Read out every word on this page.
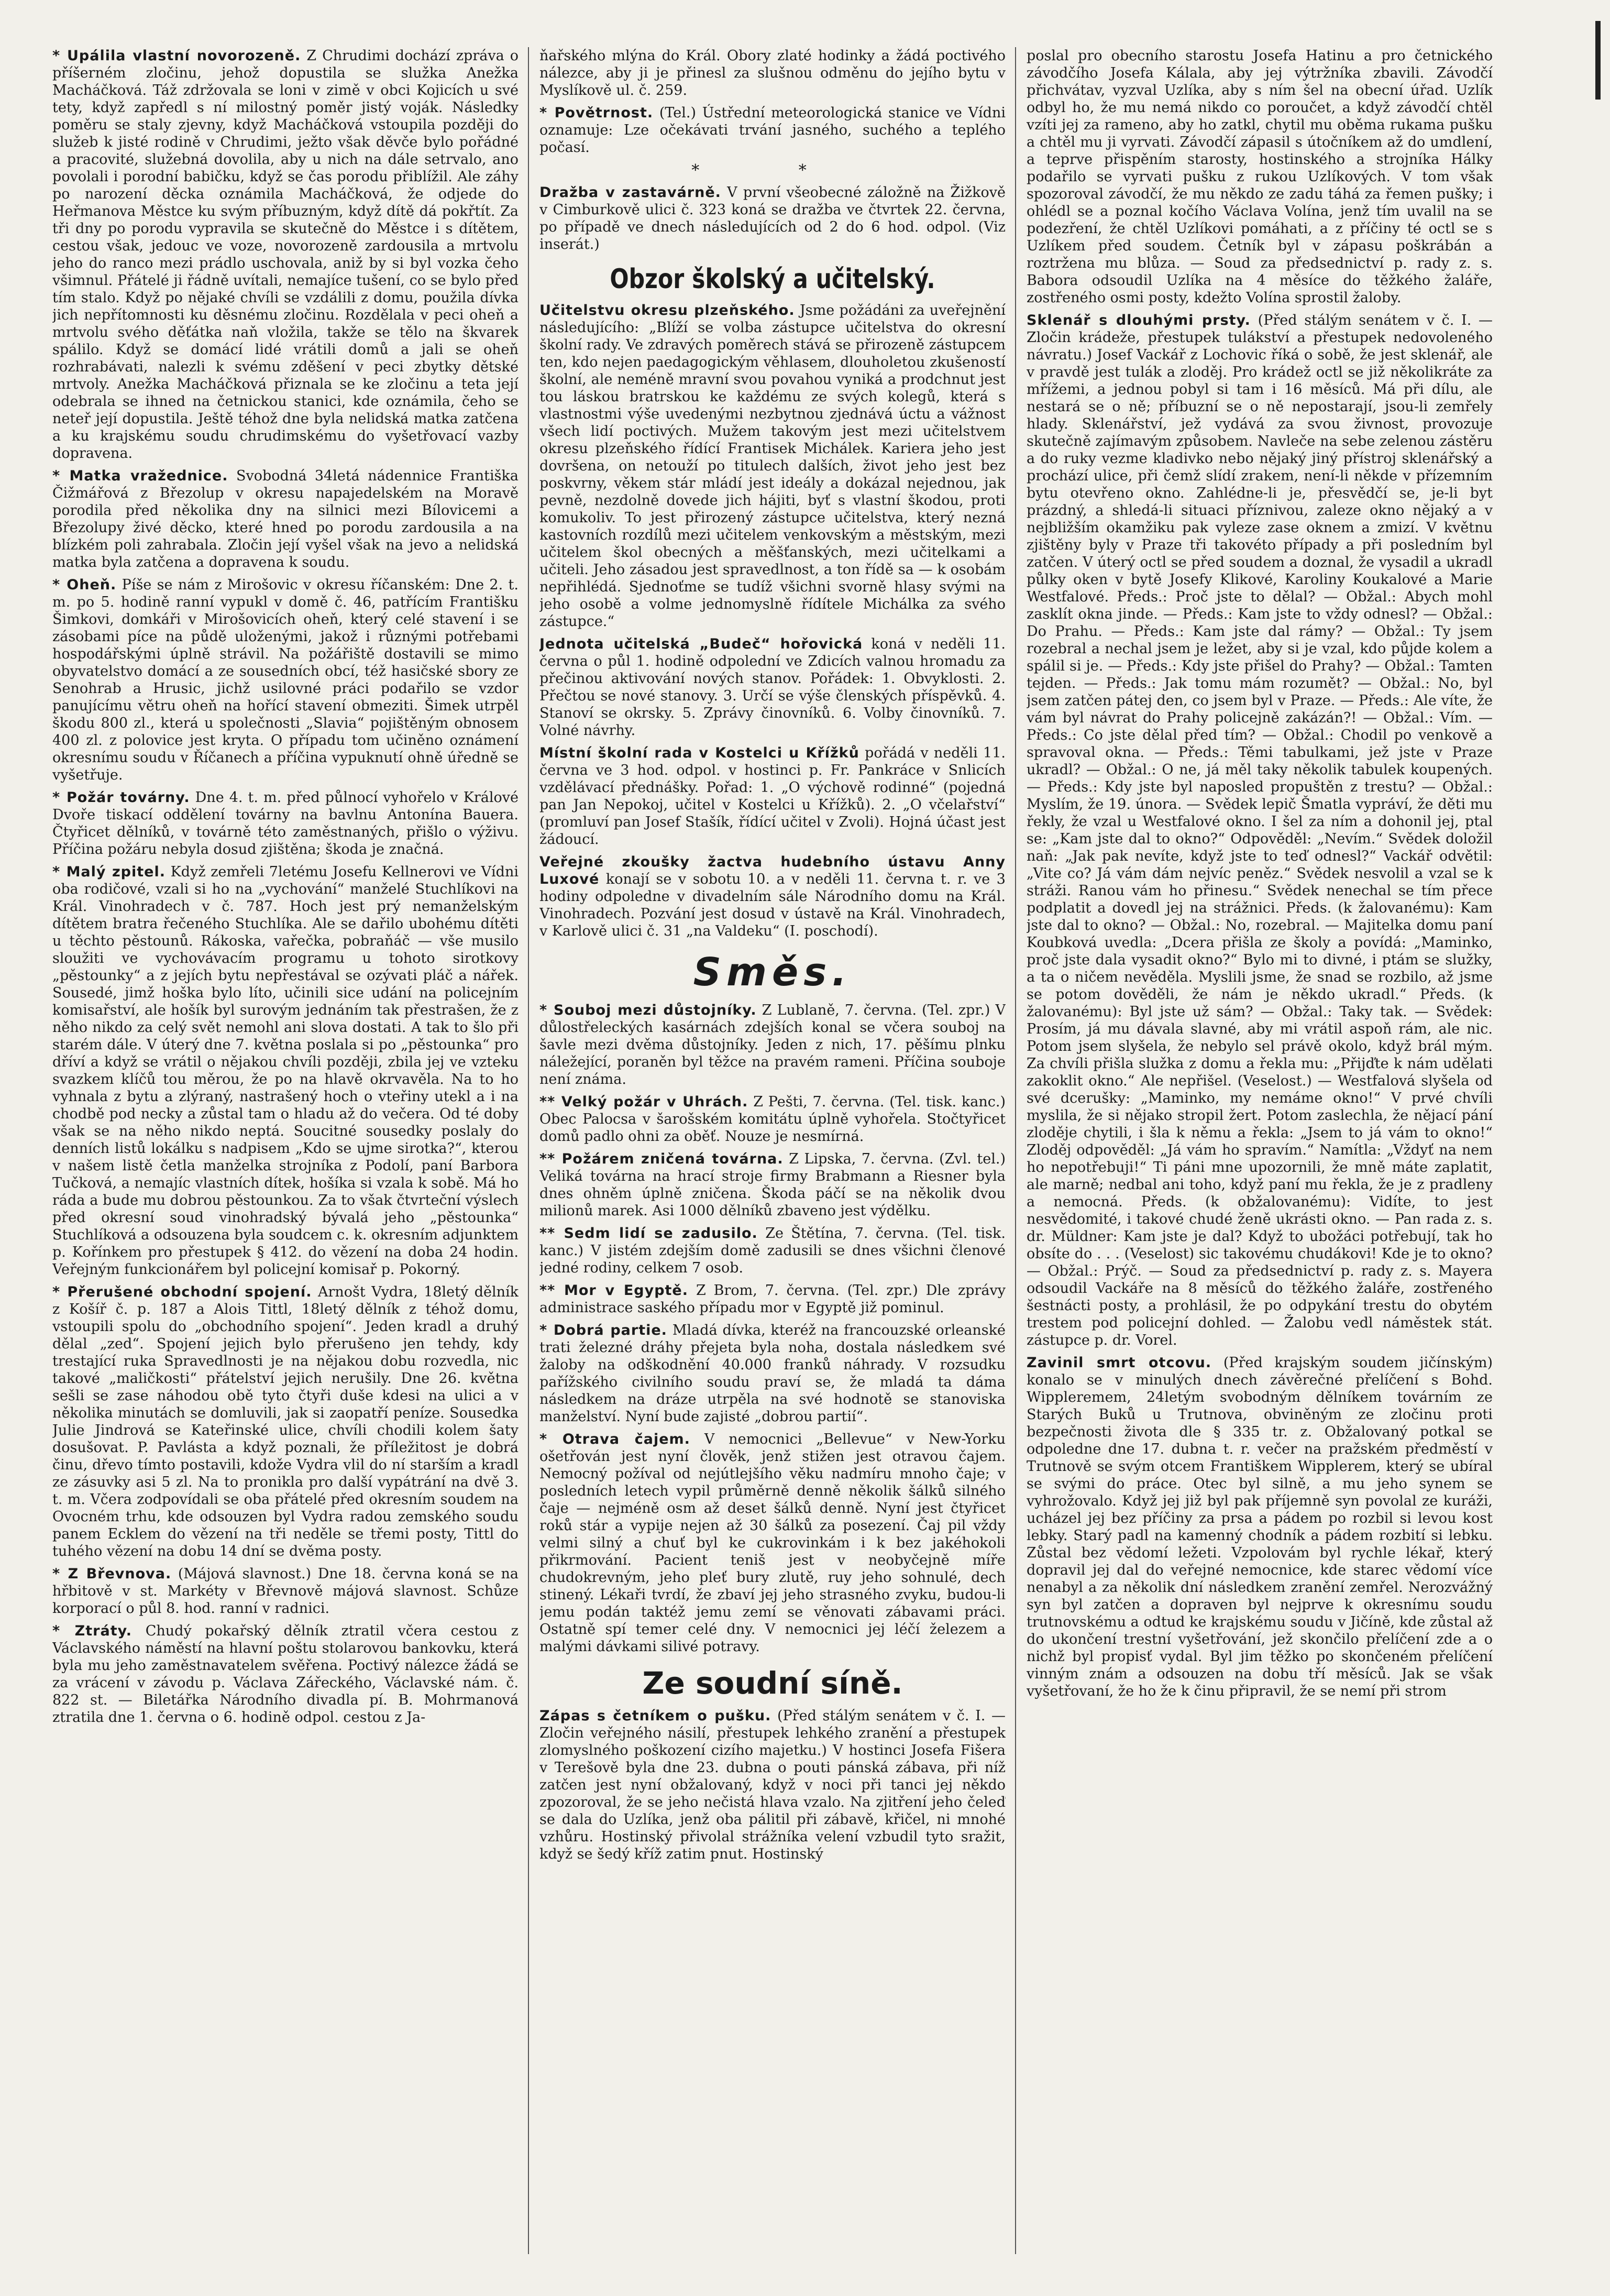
* Upálila vlastní novorozeně. Z Chrudimi dochází zpráva o příšerném zločinu, jehož dopustila se služka Anežka Macháčková. Táž zdržovala se loni v zimě v obci Kojicích u své tety, když zapředl s ní milostný poměr jistý voják. Následky poměru se staly zjevny, když Macháčková vstoupila později do služeb k jisté rodině v Chrudimi, ježto však děvče bylo pořádné a pracovité, služebná dovolila, aby u nich na dále setrvalo, ano povolali i porodní babičku, když se čas porodu přiblížil. Ale záhy po narození děcka oznámila Macháčková, že odjede do Heřmanova Městce ku svým příbuzným, když dítě dá pokřtít. Za tři dny po porodu vypravila se skutečně do Městce i s dítětem, cestou však, jedouc ve voze, novorozeně zardousila a mrtvolu jeho do ranco mezi prádlo uschovala, aniž by si byl vozka čeho všimnul. Přátelé ji řádně uvítali, nemajíce tušení, co se bylo před tím stalo. Když po nějaké chvíli se vzdálili z domu, použila dívka jich nepřítomnosti ku děsnému zločinu. Rozdělala v peci oheň a mrtvolu svého děťátka naň vložila, takže se tělo na škvarek spálilo. Když se domácí lidé vrátili domů a jali se oheň rozhrabávati, nalezli k svému zděšení v peci zbytky dětské mrtvoly. Anežka Macháčková přiznala se ke zločinu a teta její odebrala se ihned na četnickou stanici, kde oznámila, čeho se neteř její dopustila. Ještě téhož dne byla nelidská matka zatčena a ku krajskému soudu chrudimskému do vyšetřovací vazby dopravena.

* Matka vražednice. Svobodná 34letá nádennice Františka Čižmářová z Březolup v okresu napajedelském na Moravě porodila před několika dny na silnici mezi Bílovicemi a Březolupy živé děcko, které hned po porodu zardousila a na blízkém poli zahrabala. Zločin její vyšel však na jevo a nelidská matka byla zatčena a dopravena k soudu.

* Oheň. Píše se nám z Mirošovic v okresu říčanském: Dne 2. t. m. po 5. hodině ranní vypukl v domě č. 46, patřícím Františku Šimkovi, domkáři v Mirošovicích oheň, který celé stavení i se zásobami píce na půdě uloženými, jakož i různými potřebami hospodářskými úplně strávil. Na požářiště dostavili se mimo obyvatelstvo domácí a ze sousedních obcí, též hasičské sbory ze Senohrab a Hrusic, jichž usilovné práci podařilo se vzdor panujícímu větru oheň na hořící stavení obmeziti. Šimek utrpěl škodu 800 zl., která u společnosti „Slavia“ pojištěným obnosem 400 zl. z polovice jest kryta. O případu tom učiněno oznámení okresnímu soudu v Říčanech a příčina vypuknutí ohně úředně se vyšetřuje.

* Požár továrny. Dne 4. t. m. před půlnocí vyhořelo v Králové Dvoře tiskací oddělení továrny na bavlnu Antonína Bauera. Čtyřicet dělníků, v továrně této zaměstnaných, přišlo o výživu. Příčina požáru nebyla dosud zjištěna; škoda je značná.

* Malý zpitel. Když zemřeli 7letému Josefu Kellnerovi ve Vídni oba rodičové, vzali si ho na „vychování“ manželé Stuchlíkovi na Král. Vinohradech v č. 787. Hoch jest prý nemanželským dítětem bratra řečeného Stuchlíka. Ale se dařilo ubohému dítěti u těchto pěstounů. Rákoska, vařečka, pobraňáč — vše musilo sloužiti ve vychovávacím programu u tohoto sirotkovy „pěstounky“ a z jejích bytu nepřestával se ozývati pláč a nářek. Sousedé, jimž hoška bylo líto, učinili sice udání na policejním komisařství, ale hošík byl surovým jednáním tak přestrašen, že z něho nikdo za celý svět nemohl ani slova dostati. A tak to šlo při starém dále. V úterý dne 7. května poslala si po „pěstounka“ pro dříví a když se vrátil o nějakou chvíli později, zbila jej ve vzteku svazkem klíčů tou měrou, že po na hlavě okrvavěla. Na to ho vyhnala z bytu a zlýraný, nastrašený hoch o vteřiny utekl a i na chodbě pod necky a zůstal tam o hladu až do večera. Od té doby však se na něho nikdo neptá. Soucitné sousedky poslaly do denních listů lokálku s nadpisem „Kdo se ujme sirotka?“, kterou v našem listě četla manželka strojníka z Podolí, paní Barbora Tučková, a nemajíc vlastních dítek, hošíka si vzala k sobě. Má ho ráda a bude mu dobrou pěstounkou. Za to však čtvrteční výslech před okresní soud vinohradský bývalá jeho „pěstounka“ Stuchlíková a odsouzena byla soudcem c. k. okresním adjunktem p. Kořínkem pro přestupek § 412. do vězení na doba 24 hodin. Veřejným funkcionářem byl policejní komisař p. Pokorný.

* Přerušené obchodní spojení. Arnošt Vydra, 18letý dělník z Košíř č. p. 187 a Alois Tittl, 18letý dělník z téhož domu, vstoupili spolu do „obchodního spojení“. Jeden kradl a druhý dělal „zed“. Spojení jejich bylo přerušeno jen tehdy, kdy trestající ruka Spravedlnosti je na nějakou dobu rozvedla, nic takové „maličkosti“ přátelství jejich nerušily. Dne 26. května sešli se zase náhodou obě tyto čtyři duše kdesi na ulici a v několika minutách se domluvili, jak si zaopatří peníze. Sousedka Julie Jindrová se Kateřinské ulice, chvíli chodili kolem šaty dosušovat. P. Pavlásta a když poznali, že příležitost je dobrá činu, dřevo tímto postavili, kdože Vydra vlil do ní starším a kradl ze zásuvky asi 5 zl. Na to pronikla pro další vypátrání na dvě 3. t. m. Včera zodpovídali se oba přátelé před okresním soudem na Ovocném trhu, kde odsouzen byl Vydra radou zemského soudu panem Ecklem do vězení na tři neděle se třemi posty, Tittl do tuhého vězení na dobu 14 dní se dvěma posty.

* Z Břevnova. (Májová slavnost.) Dne 18. června koná se na hřbitově v st. Markéty v Břevnově májová slavnost. Schůze korporací o půl 8. hod. ranní v radnici.

* Ztráty. Chudý pokařský dělník ztratil včera cestou z Václavského náměstí na hlavní poštu stolarovou bankovku, která byla mu jeho zaměstnavatelem svěřena. Poctivý nálezce žádá se za vrácení v závodu p. Václava Zářeckého, Václavské nám. č. 822 st. — Biletářka Národního divadla pí. B. Mohrmanová ztratila dne 1. června o 6. hodině odpol. cestou z Ja-

ňařského mlýna do Král. Obory zlaté hodinky a žádá poctivého nálezce, aby ji je přinesl za slušnou odměnu do jejího bytu v Myslíkově ul. č. 259.

* Povětrnost. (Tel.) Ústřední meteorologická stanice ve Vídni oznamuje: Lze očekávati trvání jasného, suchého a teplého počasí.

* *

Dražba v zastavárně. V první všeobecné záložně na Žižkově v Cimburkově ulici č. 323 koná se dražba ve čtvrtek 22. června, po případě ve dnech následujících od 2 do 6 hod. odpol. (Viz inserát.)

Obzor školský a učitelský.

Učitelstvu okresu plzeňského. Jsme požádáni za uveřejnění následujícího: „Blíží se volba zástupce učitelstva do okresní školní rady. Ve zdravých poměrech stává se přirozeně zástupcem ten, kdo nejen paedagogickým věhlasem, dlouholetou zkušeností školní, ale neméně mravní svou povahou vyniká a prodchnut jest tou láskou bratrskou ke každému ze svých kolegů, která s vlastnostmi výše uvedenými nezbytnou zjednává úctu a vážnost všech lidí poctivých. Mužem takovým jest mezi učitelstvem okresu plzeňského řídící Frantisek Michálek. Kariera jeho jest dovršena, on netouží po titulech dalších, život jeho jest bez poskvrny, věkem stár mládí jest ideály a dokázal nejednou, jak pevně, nezdolně dovede jich hájiti, byť s vlastní škodou, proti komukoliv. To jest přirozený zástupce učitelstva, který nezná kastovních rozdílů mezi učitelem venkovským a městským, mezi učitelem škol obecných a měšťanských, mezi učitelkami a učiteli. Jeho zásadou jest spravedlnost, a ton řídě sa — k osobám nepřihlédá. Sjednoťme se tudíž všichni svorně hlasy svými na jeho osobě a volme jednomyslně řídítele Michálka za svého zástupce.“

Jednota učitelská „Budeč“ hořovická koná v neděli 11. června o půl 1. hodině odpolední ve Zdicích valnou hromadu za přečinou aktivování nových stanov. Pořádek: 1. Obvyklosti. 2. Přečtou se nové stanovy. 3. Určí se výše členských příspěvků. 4. Stanoví se okrsky. 5. Zprávy činovníků. 6. Volby činovníků. 7. Volné návrhy.

Místní školní rada v Kostelci u Křížků pořádá v neděli 11. června ve 3 hod. odpol. v hostinci p. Fr. Pankráce v Snlicích vzdělávací přednášky. Pořad: 1. „O výchově rodinné“ (pojedná pan Jan Nepokoj, učitel v Kostelci u Křížků). 2. „O včelařství“ (promluví pan Josef Stašík, řídící učitel v Zvoli). Hojná účast jest žádoucí.

Veřejné zkoušky žactva hudebního ústavu Anny Luxové konají se v sobotu 10. a v neděli 11. června t. r. ve 3 hodiny odpoledne v divadelním sále Národního domu na Král. Vinohradech. Pozvání jest dosud v ústavě na Král. Vinohradech, v Karlově ulici č. 31 „na Valdeku“ (I. poschodí).

Směs.

* Souboj mezi důstojníky. Z Lublaně, 7. června. (Tel. zpr.) V důlostřeleckých kasárnách zdejších konal se včera souboj na šavle mezi dvěma důstojníky. Jeden z nich, 17. pěšímu plnku náležející, poraněn byl těžce na pravém rameni. Příčina souboje není známa.

** Velký požár v Uhrách. Z Pešti, 7. června. (Tel. tisk. kanc.) Obec Palocsa v šarošském komitátu úplně vyhořela. Stočtyřicet domů padlo ohni za oběť. Nouze je nesmírná.

** Požárem zničená továrna. Z Lipska, 7. června. (Zvl. tel.) Veliká továrna na hrací stroje firmy Brabmann a Riesner byla dnes ohněm úplně zničena. Škoda páčí se na několik dvou milionů marek. Asi 1000 dělníků zbaveno jest výdělku.

** Sedm lidí se zadusilo. Ze Štětína, 7. června. (Tel. tisk. kanc.) V jistém zdejším domě zadusili se dnes všichni členové jedné rodiny, celkem 7 osob.

** Mor v Egyptě. Z Brom, 7. června. (Tel. zpr.) Dle zprávy administrace saského případu mor v Egyptě již pominul.

* Dobrá partie. Mladá dívka, kteréž na francouzské orleanské trati železné dráhy přejeta byla noha, dostala následkem své žaloby na odškodnění 40.000 franků náhrady. V rozsudku pařížského civilního soudu praví se, že mladá ta dáma následkem na dráze utrpěla na své hodnotě se stanoviska manželství. Nyní bude zajisté „dobrou partií“.

* Otrava čajem. V nemocnici „Bellevue“ v New-Yorku ošetřován jest nyní člověk, jenž stižen jest otravou čajem. Nemocný požíval od nejútlejšího věku nadmíru mnoho čaje; v posledních letech vypil průměrně denně několik šálků silného čaje — nejméně osm až deset šálků denně. Nyní jest čtyřicet roků stár a vypije nejen až 30 šálků za posezení. Čaj pil vždy velmi silný a chuť byl ke cukrovinkám i k bez jakéhokoli přikrmování. Pacient teniš jest v neobyčejně míře chudokrevným, jeho pleť bury zlutě, ruy jeho sohnulé, dech stinený. Lékaři tvrdí, že zbaví jej jeho strasného zvyku, budou-li jemu podán taktéž jemu zemí se věnovati zábavami práci. Ostatně spí temer celé dny. V nemocnici jej léčí železem a malými dávkami silivé potravy.

Ze soudní síně.

Zápas s četníkem o pušku. (Před stálým senátem v č. I. — Zločin veřejného násilí, přestupek lehkého zranění a přestupek zlomyslného poškození cizího majetku.) V hostinci Josefa Fišera v Terešově byla dne 23. dubna o pouti pánská zábava, při níž zatčen jest nyní obžalovaný, když v noci při tanci jej někdo zpozoroval, že se jeho nečistá hlava vzalo. Na zjitření jeho čeleď se dala do Uzlíka, jenž oba pálitil při zábavě, křičel, ni mnohé vzhůru. Hostinský přivolal strážníka velení vzbudil tyto sražit, když se šedý kříž zatim pnut. Hostinský

poslal pro obecního starostu Josefa Hatinu a pro četnického závodčího Josefa Kálala, aby jej výtržníka zbavili. Závodčí přichvátav, vyzval Uzlíka, aby s ním šel na obecní úřad. Uzlík odbyl ho, že mu nemá nikdo co poroučet, a když závodčí chtěl vzíti jej za rameno, aby ho zatkl, chytil mu oběma rukama pušku a chtěl mu ji vyrvati. Závodčí zápasil s útočníkem až do umdlení, a teprve přispěním starosty, hostinského a strojníka Hálky podařilo se vyrvati pušku z rukou Uzlíkových. V tom však spozoroval závodčí, že mu někdo ze zadu táhá za řemen pušky; i ohlédl se a poznal kočího Václava Volína, jenž tím uvalil na se podezření, že chtěl Uzlíkovi pomáhati, a z příčiny té octl se s Uzlíkem před soudem. Četník byl v zápasu poškrábán a roztržena mu blůza. — Soud za předsednictví p. rady z. s. Babora odsoudil Uzlíka na 4 měsíce do těžkého žaláře, zostřeného osmi posty, kdežto Volína sprostil žaloby.

Sklenář s dlouhými prsty. (Před stálým senátem v č. I. — Zločin krádeže, přestupek tulákství a přestupek nedovoleného návratu.) Josef Vackář z Lochovic říká o sobě, že jest sklenář, ale v pravdě jest tulák a zloděj. Pro krádež octl se již několikráte za mřížemi, a jednou pobyl si tam i 16 měsíců. Má při dílu, ale nestará se o ně; příbuzní se o ně nepostarají, jsou-li zemřely hlady. Sklenářství, jež vydává za svou živnost, provozuje skutečně zajímavým způsobem. Navleče na sebe zelenou zástěru a do ruky vezme kladivko nebo nějaký jiný přístroj sklenářský a prochází ulice, při čemž slídí zrakem, není-li někde v přízemním bytu otevřeno okno. Zahlédne-li je, přesvědčí se, je-li byt prázdný, a shledá-li situaci příznivou, zaleze okno nějaký a v nejbližším okamžiku pak vyleze zase oknem a zmizí. V květnu zjištěny byly v Praze tři takovéto případy a při posledním byl zatčen. V úterý octl se před soudem a doznal, že vysadil a ukradl půlky oken v bytě Josefy Klikové, Karoliny Koukalové a Marie Westfalové. Předs.: Proč jste to dělal? — Obžal.: Abych mohl zasklít okna jinde. — Předs.: Kam jste to vždy odnesl? — Obžal.: Do Prahu. — Předs.: Kam jste dal rámy? — Obžal.: Ty jsem rozebral a nechal jsem je ležet, aby si je vzal, kdo půjde kolem a spálil si je. — Předs.: Kdy jste přišel do Prahy? — Obžal.: Tamten tejden. — Předs.: Jak tomu mám rozumět? — Obžal.: No, byl jsem zatčen pátej den, co jsem byl v Praze. — Předs.: Ale víte, že vám byl návrat do Prahy policejně zakázán?! — Obžal.: Vím. — Předs.: Co jste dělal před tím? — Obžal.: Chodil po venkově a spravoval okna. — Předs.: Těmi tabulkami, jež jste v Praze ukradl? — Obžal.: O ne, já měl taky několik tabulek koupených. — Předs.: Kdy jste byl naposled propuštěn z trestu? — Obžal.: Myslím, že 19. února. — Svědek lepič Šmatla vypráví, že děti mu řekly, že vzal u Westfalové okno. I šel za ním a dohonil jej, ptal se: „Kam jste dal to okno?“ Odpověděl: „Nevím.“ Svědek doložil naň: „Jak pak nevíte, když jste to teď odnesl?“ Vackář odvětil: „Vite co? Já vám dám nejvíc peněz.“ Svědek nesvolil a vzal se k stráži. Ranou vám ho přinesu.“ Svědek nenechal se tím přece podplatit a dovedl jej na strážnici. Předs. (k žalovanému): Kam jste dal to okno? — Obžal.: No, rozebral. — Majitelka domu paní Koubková uvedla: „Dcera přišla ze školy a povídá: „Maminko, proč jste dala vysadit okno?“ Bylo mi to divné, i ptám se služky, a ta o ničem nevěděla. Myslili jsme, že snad se rozbilo, až jsme se potom dověděli, že nám je někdo ukradl.“ Předs. (k žalovanému): Byl jste už sám? — Obžal.: Taky tak. — Svědek: Prosím, já mu dávala slavné, aby mi vrátil aspoň rám, ale nic. Potom jsem slyšela, že nebylo sel právě okolo, když brál mým. Za chvíli přišla služka z domu a řekla mu: „Přijďte k nám udělati zakoklit okno.“ Ale nepřišel. (Veselost.) — Westfalová slyšela od své dcerušky: „Maminko, my nemáme okno!“ V prvé chvíli myslila, že si nějako stropil žert. Potom zaslechla, že nějací pání zloděje chytili, i šla k němu a řekla: „Jsem to já vám to okno!“ Zloděj odpověděl: „Já vám ho spravím.“ Namítla: „Vždyť na nem ho nepotřebuji!“ Ti páni mne upozornili, že mně máte zaplatit, ale marně; nedbal ani toho, když paní mu řekla, že je z pradleny a nemocná. Předs. (k obžalovanému): Vidíte, to jest nesvědomité, i takové chudé ženě ukrásti okno. — Pan rada z. s. dr. Müldner: Kam jste je dal? Když to ubožáci potřebují, tak ho obsíte do . . . (Veselost) sic takovému chudákovi! Kde je to okno? — Obžal.: Prýč. — Soud za předsednictví p. rady z. s. Mayera odsoudil Vackáře na 8 měsíců do těžkého žaláře, zostřeného šestnácti posty, a prohlásil, že po odpykání trestu do obytém trestem pod policejní dohled. — Žalobu vedl náměstek stát. zástupce p. dr. Vorel.

Zavinil smrt otcovu. (Před krajským soudem jičínským) konalo se v minulých dnech závěrečné přelíčení s Bohd. Wippleremem, 24letým svobodným dělníkem továrním ze Starých Buků u Trutnova, obviněným ze zločinu proti bezpečnosti života dle § 335 tr. z. Obžalovaný potkal se odpoledne dne 17. dubna t. r. večer na pražském předměstí v Trutnově se svým otcem Františkem Wipplerem, který se ubíral se svými do práce. Otec byl silně, a mu jeho synem se vyhrožovalo. Když jej již byl pak příjemně syn povolal ze kuráži, ucházel jej bez příčiny za prsa a pádem po rozbil si levou kost lebky. Starý padl na kamenný chodník a pádem rozbití si lebku. Zůstal bez vědomí ležeti. Vzpolovám byl rychle lékař, který dopravil jej dal do veřejné nemocnice, kde starec vědomí více nenabyl a za několik dní následkem zranění zemřel. Nerozvážný syn byl zatčen a dopraven byl nejprve k okresnímu soudu trutnovskému a odtud ke krajskému soudu v Jičíně, kde zůstal až do ukončení trestní vyšetřování, jež skončilo přelíčení zde a o nichž byl propisť vydal. Byl jim těžko po skončeném přelíčení vinným znám a odsouzen na dobu tří měsíců. Jak se však vyšetřovaní, že ho že k činu připravil, že se nemí při strom
